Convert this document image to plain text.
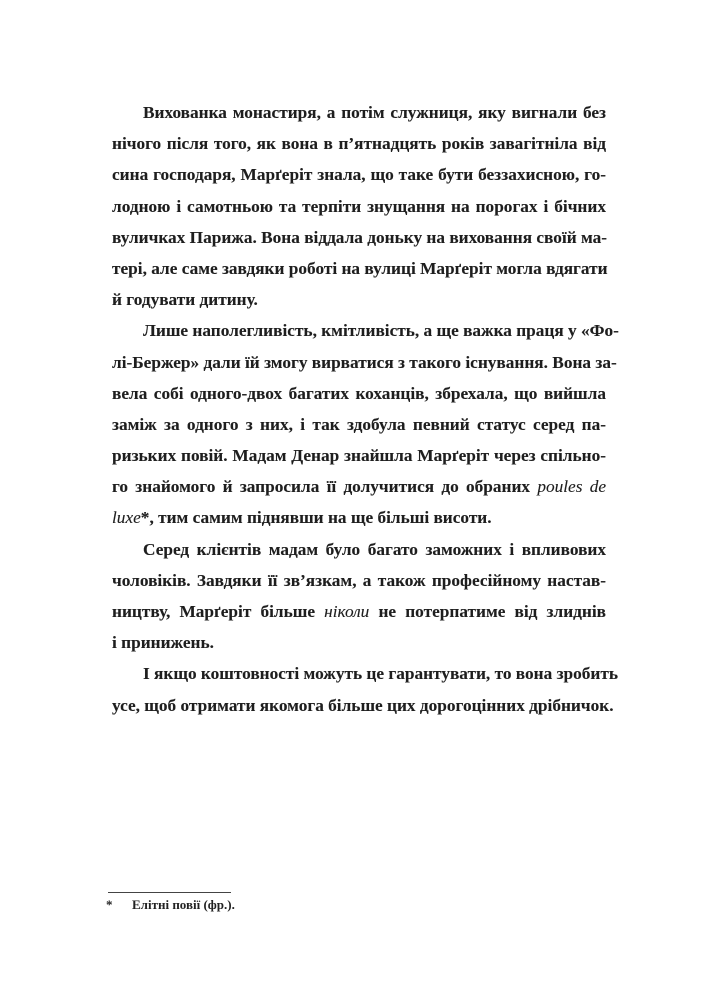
Вихованка монастиря, а потім служниця, яку вигнали без
нічого після того, як вона в п’ятнадцять років завагітніла від
сина господаря, Марґеріт знала, що таке бути беззахисною, го-
лодною і самотньою та терпіти знущання на порогах і бічних
вуличках Парижа. Вона віддала доньку на виховання своїй ма-
тері, але саме завдяки роботі на вулиці Марґеріт могла вдягати
й годувати дитину.
Лише наполегливість, кмітливість, а ще важка праця у «Фо-
лі-Бержер» дали їй змогу вирватися з такого існування. Вона за-
вела собі одного-двох багатих коханців, збрехала, що вийшла
заміж за одного з них, і так здобула певний статус серед па-
ризьких повій. Мадам Денар знайшла Марґеріт через спільно-
го знайомого й запросила її долучитися до обраних poules de
luxe*, тим самим піднявши на ще більші висоти.
Серед клієнтів мадам було багато заможних і впливових
чоловіків. Завдяки її зв’язкам, а також професійному настав-
ництву, Марґеріт більше ніколи не потерпатиме від злиднів
і принижень.
І якщо коштовності можуть це гарантувати, то вона зробить
усе, щоб отримати якомога більше цих дорогоцінних дрібничок.
* Елітні повії (фр.).
